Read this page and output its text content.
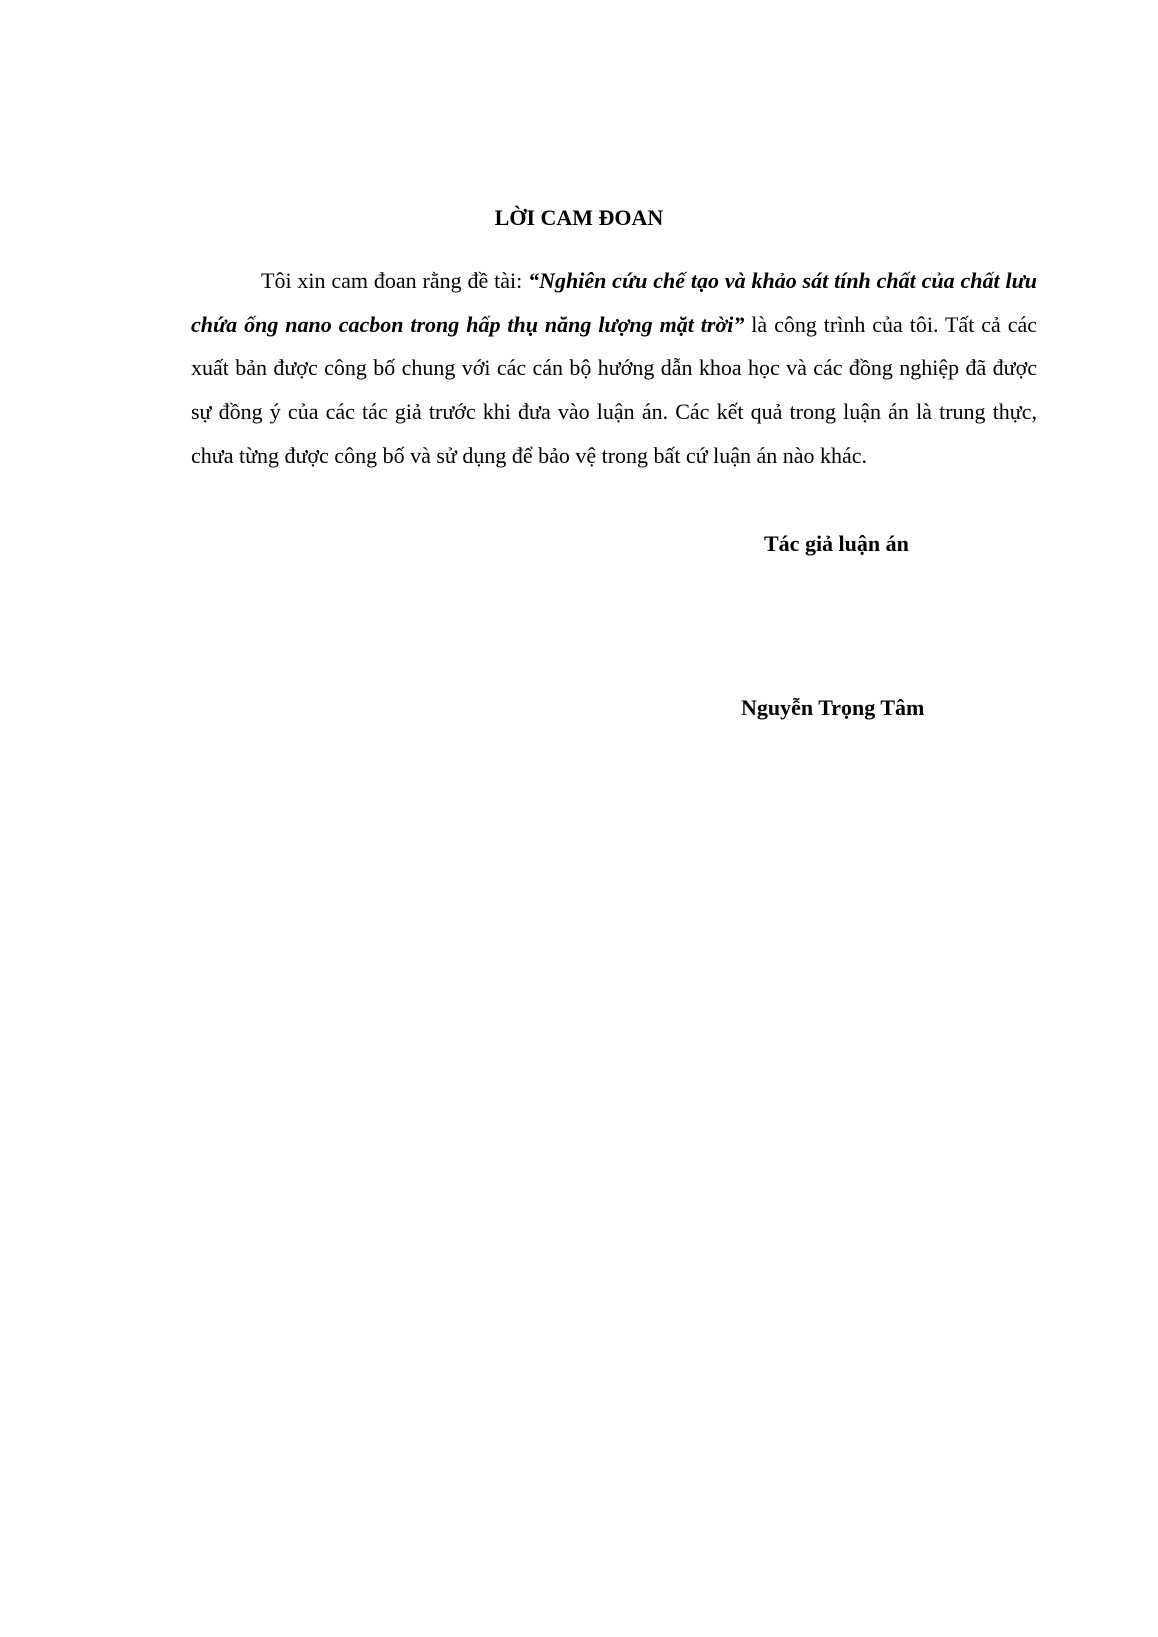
LỜI CAM ĐOAN

Tôi xin cam đoan rằng đề tài: “Nghiên cứu chế tạo và khảo sát tính chất của chất lưu chứa ống nano cacbon trong hấp thụ năng lượng mặt trời” là công trình của tôi. Tất cả các xuất bản được công bố chung với các cán bộ hướng dẫn khoa học và các đồng nghiệp đã được sự đồng ý của các tác giả trước khi đưa vào luận án. Các kết quả trong luận án là trung thực, chưa từng được công bố và sử dụng để bảo vệ trong bất cứ luận án nào khác.

Tác giả luận án

Nguyễn Trọng Tâm
